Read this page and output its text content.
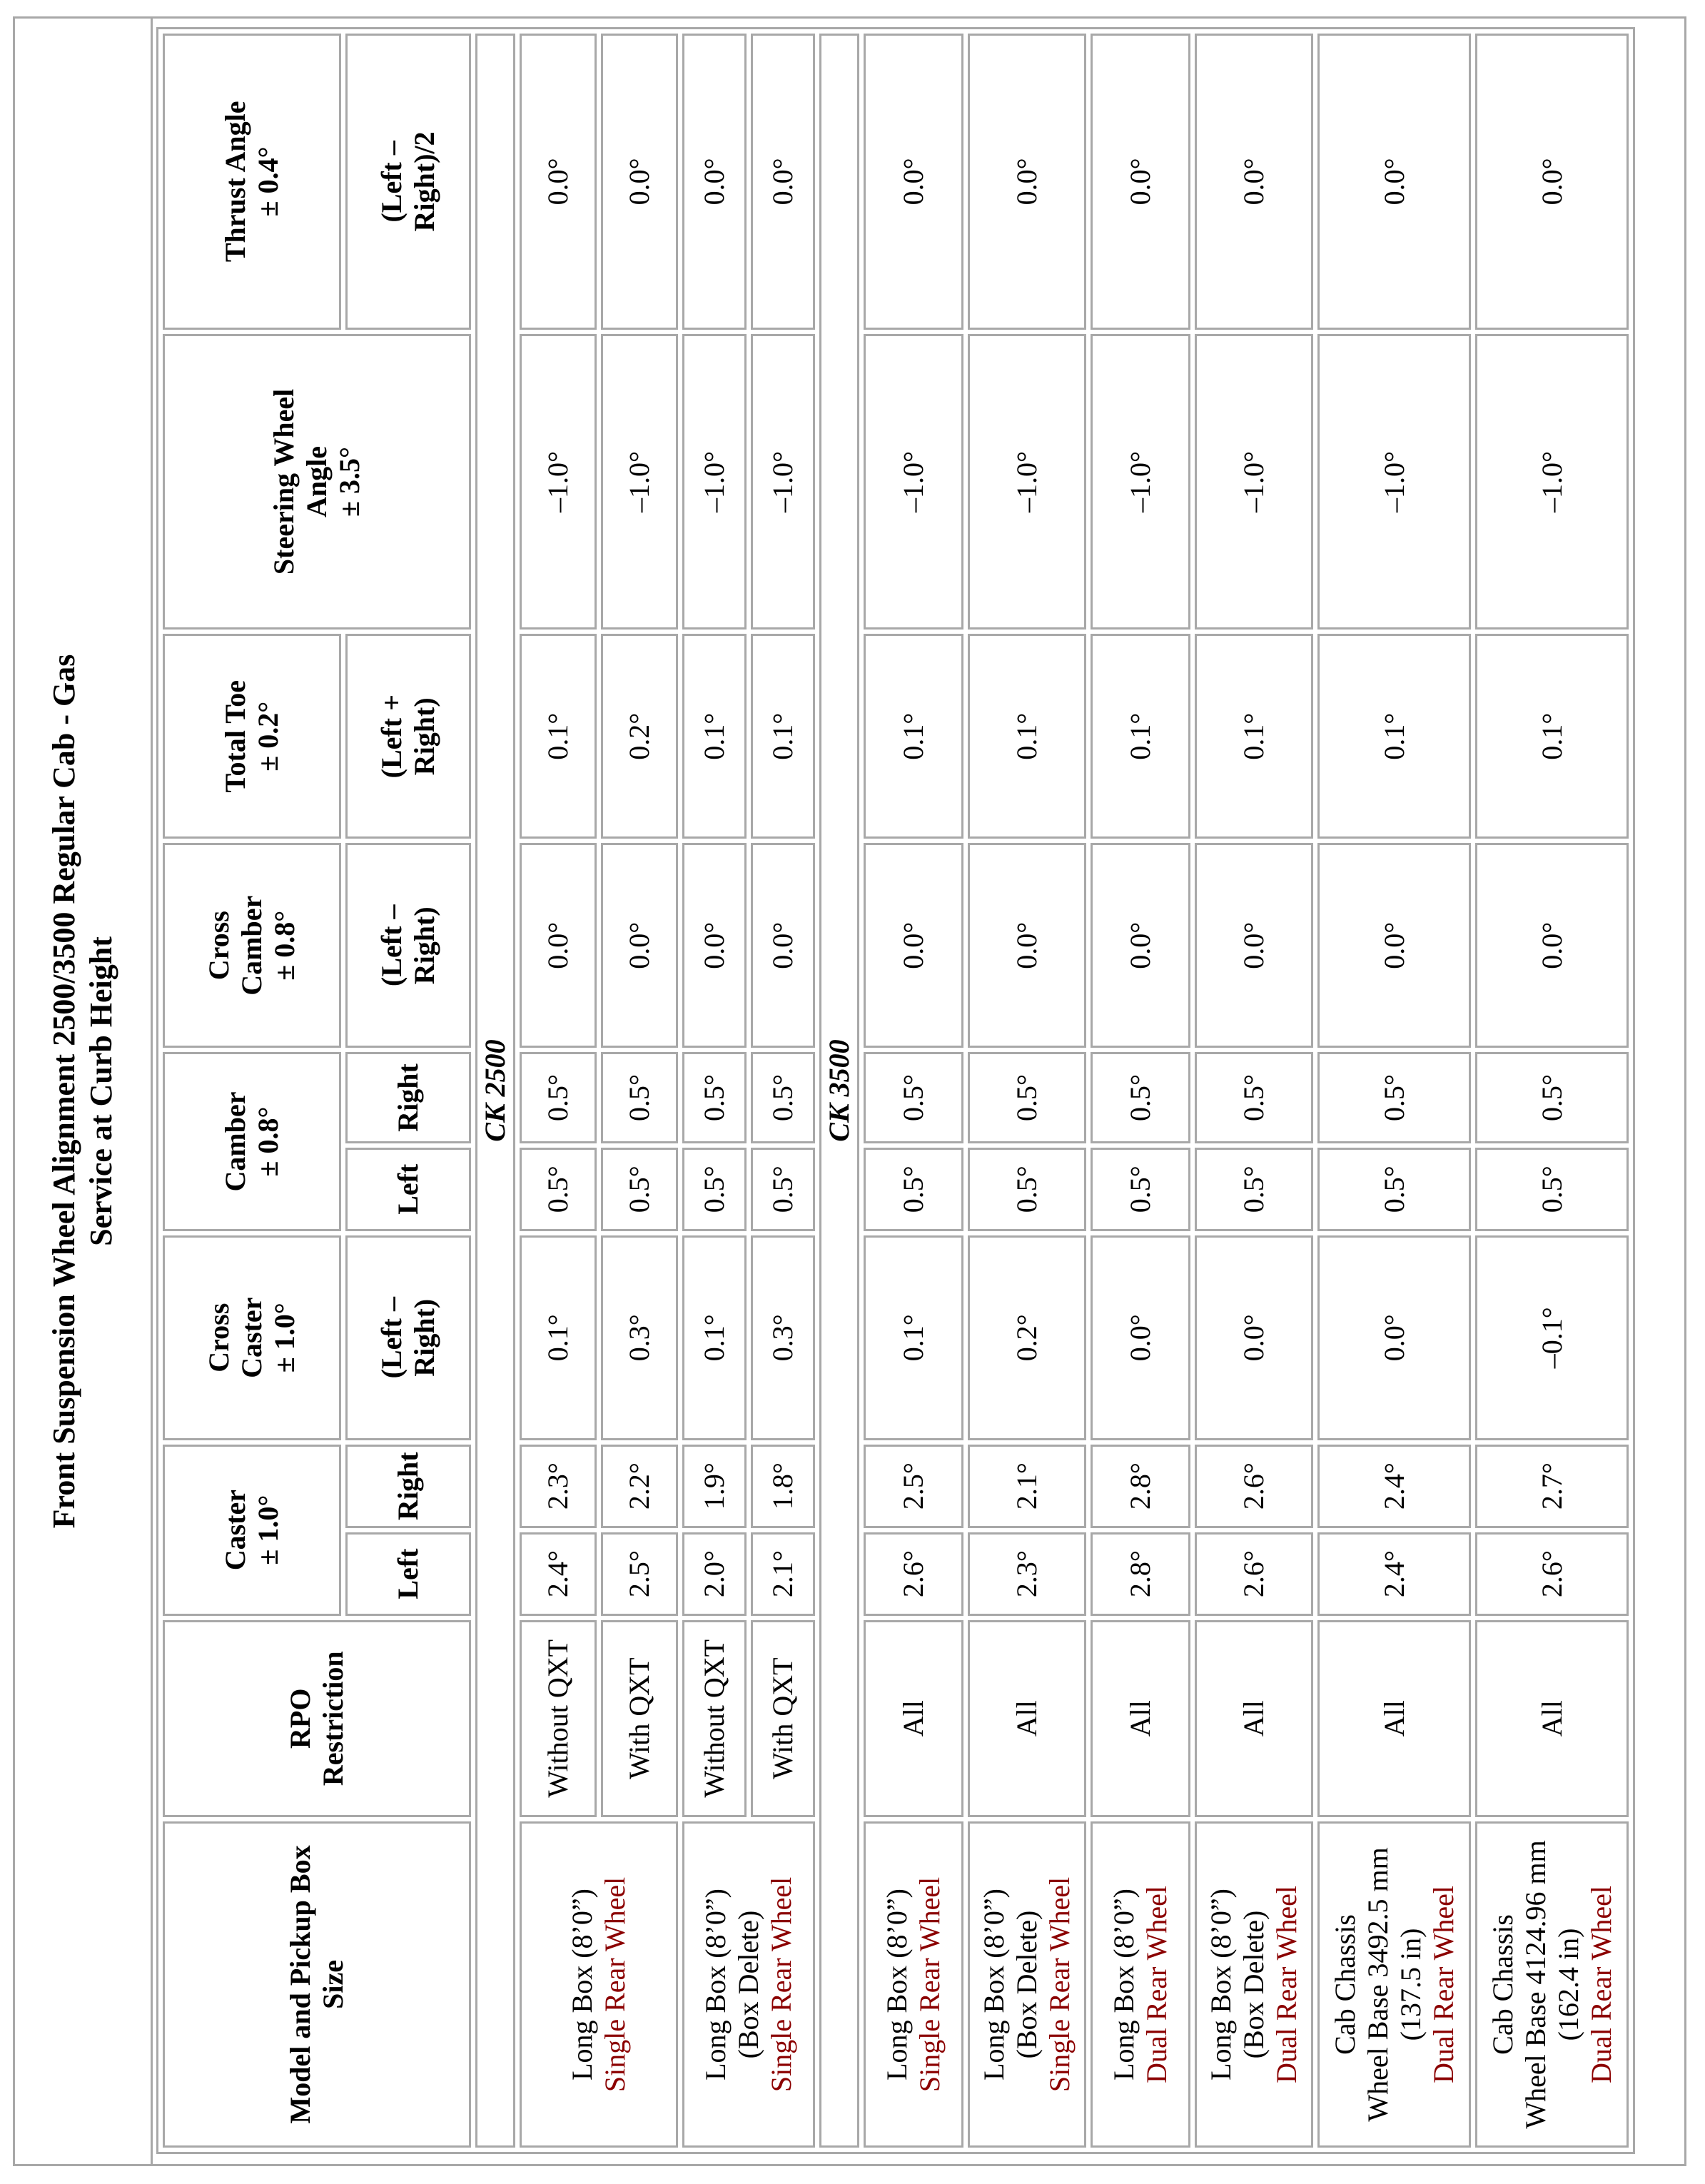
Front Suspension Wheel Alignment 2500/3500 Regular Cab - Gas Service at Curb Height
Model and Pickup Box Size	RPO Restriction	Caster ± 1.0°		Cross Caster ± 1.0°	Camber ± 0.8°		Cross Camber ± 0.8°	Total Toe ± 0.2°	Steering Wheel Angle ± 3.5°	Thrust Angle ± 0.4°

		Left	Right	(Left – Right)	Left	Right	(Left – Right)	(Left + Right)		(Left – Right)/2

CK 2500										

Long Box (8’0”) Single Rear Wheel	Without QXT	2.4°	2.3°	0.1°	0.5°	0.5°	0.0°	0.1°	–1.0°	0.0°
	With QXT	2.5°	2.2°	0.3°	0.5°	0.5°	0.0°	0.2°	–1.0°	0.0°

Long Box (8’0”) (Box Delete) Single Rear Wheel	Without QXT	2.0°	1.9°	0.1°	0.5°	0.5°	0.0°	0.1°	–1.0°	0.0°
	With QXT	2.1°	1.8°	0.3°	0.5°	0.5°	0.0°	0.1°	–1.0°	0.0°
CK 3500										

Long Box (8’0”) Single Rear Wheel	All	2.6°	2.5°	0.1°	0.5°	0.5°	0.0°	0.1°	–1.0°	0.0°

Long Box (8’0”) (Box Delete) Single Rear Wheel	All	2.3°	2.1°	0.2°	0.5°	0.5°	0.0°	0.1°	–1.0°	0.0°

Long Box (8’0”) Dual Rear Wheel	All	2.8°	2.8°	0.0°	0.5°	0.5°	0.0°	0.1°	–1.0°	0.0°

Long Box (8’0”) (Box Delete) Dual Rear Wheel	All	2.6°	2.6°	0.0°	0.5°	0.5°	0.0°	0.1°	–1.0°	0.0°

Cab Chassis Wheel Base 3492.5 mm (137.5 in) Dual Rear Wheel	All	2.4°	2.4°	0.0°	0.5°	0.5°	0.0°	0.1°	–1.0°	0.0°

Cab Chassis Wheel Base 4124.96 mm (162.4 in) Dual Rear Wheel	All	2.6°	2.7°	–0.1°	0.5°	0.5°	0.0°	0.1°	–1.0°	0.0°
